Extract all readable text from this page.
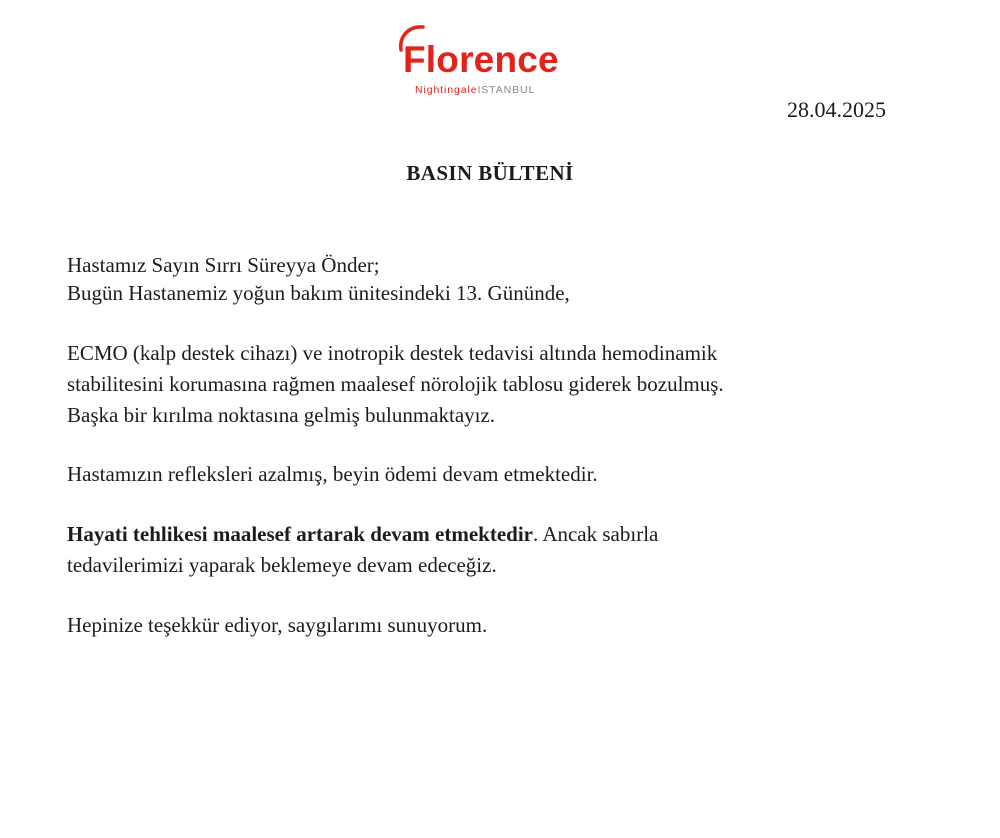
Florence
NightingaleISTANBUL
28.04.2025
BASIN BÜLTENİ
Hastamız Sayın Sırrı Süreyya Önder;
Bugün Hastanemiz yoğun bakım ünitesindeki 13. Gününde,
ECMO (kalp destek cihazı) ve inotropik destek tedavisi altında hemodinamik
stabilitesini korumasına rağmen maalesef nörolojik tablosu giderek bozulmuş.
Başka bir kırılma noktasına gelmiş bulunmaktayız.
Hastamızın refleksleri azalmış, beyin ödemi devam etmektedir.
Hayati tehlikesi maalesef artarak devam etmektedir. Ancak sabırla
tedavilerimizi yaparak beklemeye devam edeceğiz.
Hepinize teşekkür ediyor, saygılarımı sunuyorum.
